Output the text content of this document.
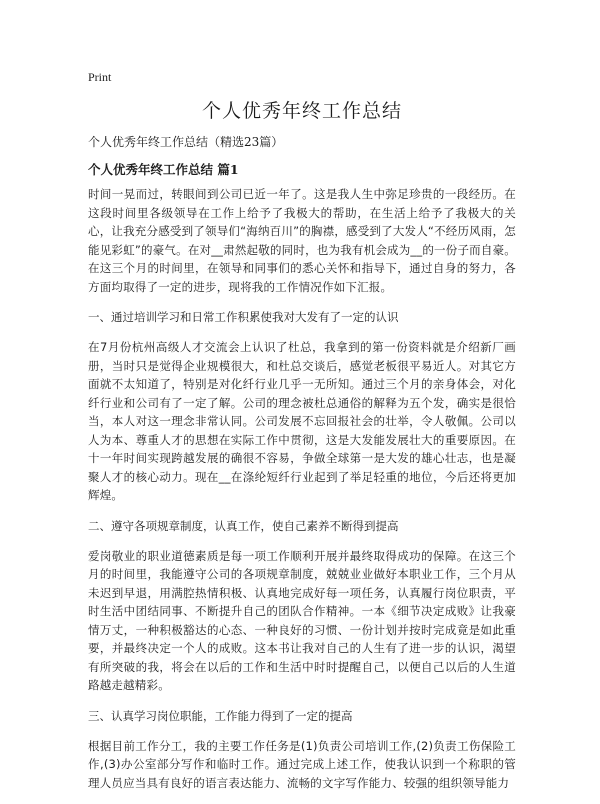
Print
个人优秀年终工作总结
个人优秀年终工作总结（精选23篇）
个人优秀年终工作总结 篇1

时间一晃而过，转眼间到公司已近一年了。这是我人生中弥足珍贵的一段经历。在这段时间里各级领导在工作上给予了我极大的帮助，在生活上给予了我极大的关心，让我充分感受到了领导们“海纳百川”的胸襟，感受到了大发人“不经历风雨，怎能见彩虹”的豪气。在对__肃然起敬的同时，也为我有机会成为__的一份子而自豪。在这三个月的时间里，在领导和同事们的悉心关怀和指导下，通过自身的努力，各方面均取得了一定的进步，现将我的工作情况作如下汇报。

一、通过培训学习和日常工作积累使我对大发有了一定的认识

在7月份杭州高级人才交流会上认识了杜总，我拿到的第一份资料就是介绍新厂画册，当时只是觉得企业规模很大，和杜总交谈后，感觉老板很平易近人。对其它方面就不太知道了，特别是对化纤行业几乎一无所知。通过三个月的亲身体会，对化纤行业和公司有了一定了解。公司的理念被杜总通俗的解释为五个发，确实是很恰当，本人对这一理念非常认同。公司发展不忘回报社会的壮举，令人敬佩。公司以人为本、尊重人才的思想在实际工作中贯彻，这是大发能发展壮大的重要原因。在十一年时间实现跨越发展的确很不容易，争做全球第一是大发的雄心壮志，也是凝聚人才的核心动力。现在__在涤纶短纤行业起到了举足轻重的地位，今后还将更加辉煌。

二、遵守各项规章制度，认真工作，使自己素养不断得到提高

爱岗敬业的职业道德素质是每一项工作顺利开展并最终取得成功的保障。在这三个月的时间里，我能遵守公司的各项规章制度，兢兢业业做好本职业工作，三个月从未迟到早退，用满腔热情积极、认真地完成好每一项任务，认真履行岗位职责，平时生活中团结同事、不断提升自己的团队合作精神。一本《细节决定成败》让我豪情万丈，一种积极豁达的心态、一种良好的习惯、一份计划并按时完成竟是如此重要，并最终决定一个人的成败。这本书让我对自己的人生有了进一步的认识，渴望有所突破的我，将会在以后的工作和生活中时时提醒自己，以便自己以后的人生道路越走越精彩。

三、认真学习岗位职能，工作能力得到了一定的提高

根据目前工作分工，我的主要工作任务是(1)负责公司培训工作,(2)负责工伤保险工作,(3)办公室部分写作和临时工作。通过完成上述工作，使我认识到一个称职的管理人员应当具有良好的语言表达能力、流畅的文字写作能力、较强的组织领导能力
